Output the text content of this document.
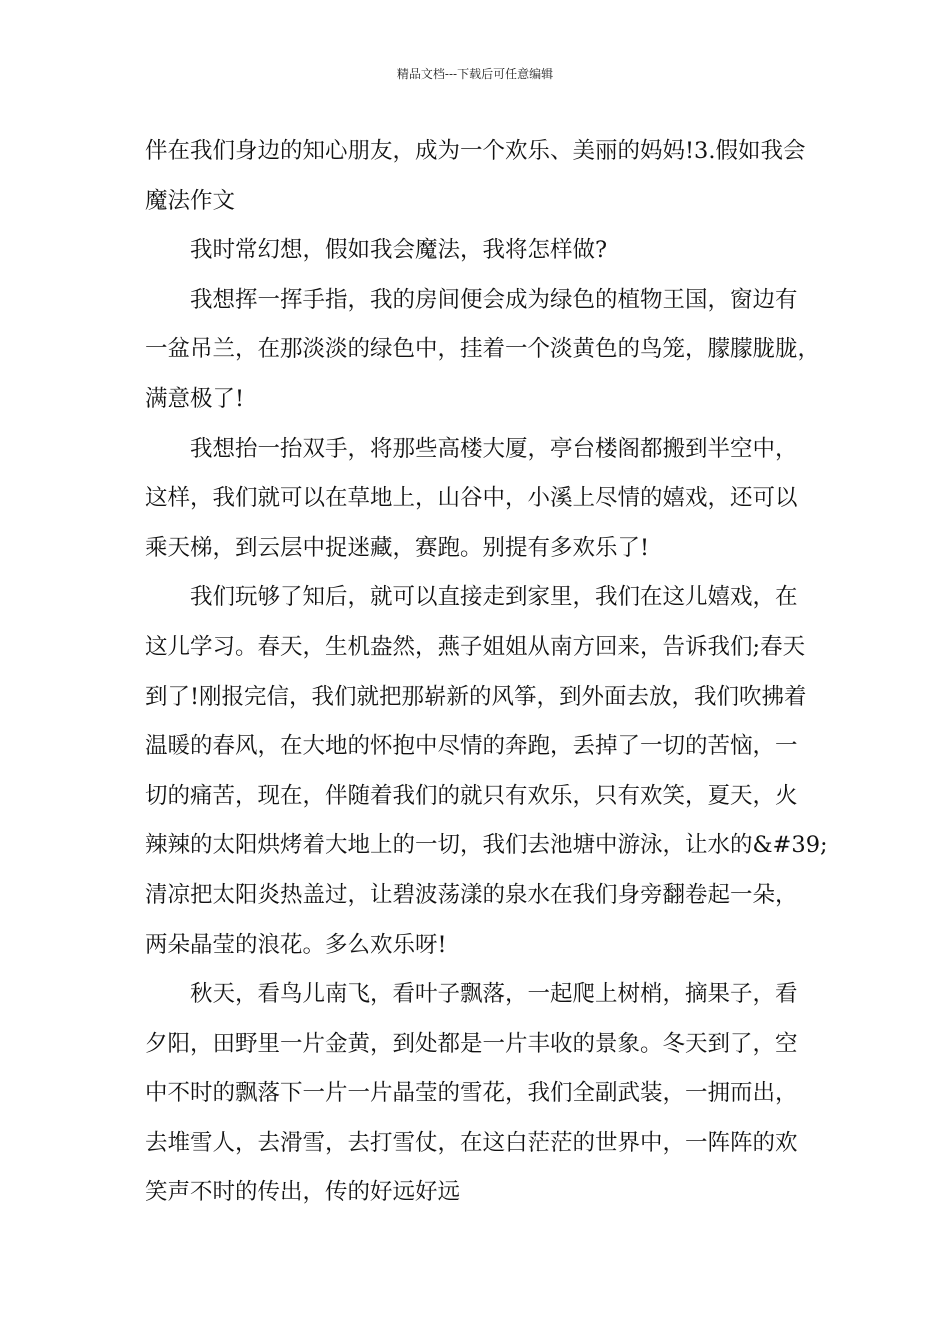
精品文档---下载后可任意编辑
伴在我们身边的知心朋友，成为一个欢乐、美丽的妈妈!3.假如我会
魔法作文
我时常幻想，假如我会魔法，我将怎样做?
我想挥一挥手指，我的房间便会成为绿色的植物王国，窗边有
一盆吊兰，在那淡淡的绿色中，挂着一个淡黄色的鸟笼，朦朦胧胧，
满意极了!
我想抬一抬双手，将那些高楼大厦，亭台楼阁都搬到半空中，
这样，我们就可以在草地上，山谷中，小溪上尽情的嬉戏，还可以
乘天梯，到云层中捉迷藏，赛跑。别提有多欢乐了!
我们玩够了知后，就可以直接走到家里，我们在这儿嬉戏，在
这儿学习。春天，生机盎然，燕子姐姐从南方回来，告诉我们;春天
到了!刚报完信，我们就把那崭新的风筝，到外面去放，我们吹拂着
温暖的春风，在大地的怀抱中尽情的奔跑，丢掉了一切的苦恼，一
切的痛苦，现在，伴随着我们的就只有欢乐，只有欢笑，夏天，火
辣辣的太阳烘烤着大地上的一切，我们去池塘中游泳，让水的&#39;
清凉把太阳炎热盖过，让碧波荡漾的泉水在我们身旁翻卷起一朵，
两朵晶莹的浪花。多么欢乐呀!
秋天，看鸟儿南飞，看叶子飘落，一起爬上树梢，摘果子，看
夕阳，田野里一片金黄，到处都是一片丰收的景象。冬天到了，空
中不时的飘落下一片一片晶莹的雪花，我们全副武装，一拥而出，
去堆雪人，去滑雪，去打雪仗，在这白茫茫的世界中，一阵阵的欢
笑声不时的传出，传的好远好远
